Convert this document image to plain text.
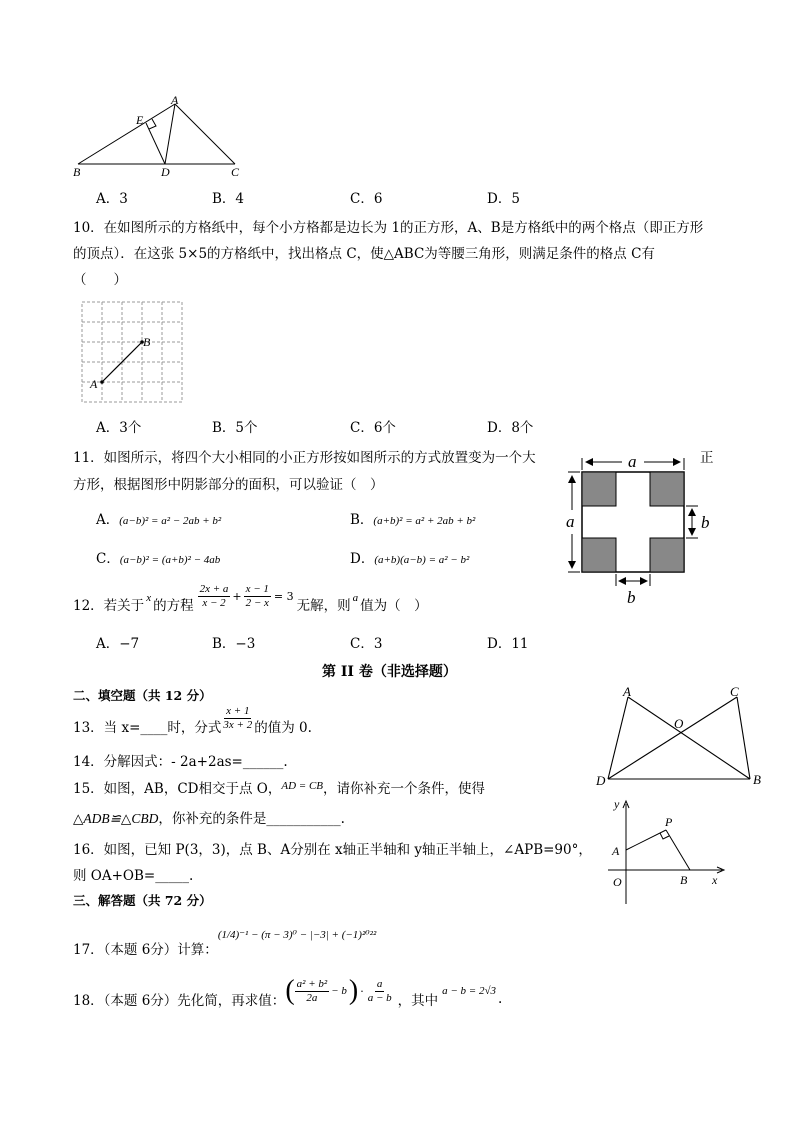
A
E
B	D	C
A．3	B．4	C．6	D．5
10．在如图所示的方格纸中，每个小方格都是边长为 1的正方形，A、B是方格纸中的两个格点（即正方形
的顶点）．在这张 5×5的方格纸中，找出格点 C，使△ABC为等腰三角形，则满足条件的格点 C有
（　　）
A
B
A．3个	B．5个	C．6个	D．8个
11．如图所示，将四个大小相同的小正方形按如图所示的方式放置变为一个大	正
方形，根据图形中阴影部分的面积，可以验证（　）
A．(a−b)² = a² − 2ab + b²	B．(a+b)² = a² + 2ab + b²
C．(a−b)² = (a+b)² − 4ab	D．(a+b)(a−b) = a² − b²
a
a	b
b
12．若关于 x 的方程 $\frac{2x + a}{x - 2} + \frac{x - 1}{2 - x} = 3$
无解，则 a 值为（　）
A．−7	B．−3	C．3	D．11
第 II 卷（非选择题）
二、填空题（共 12 分）
13．当 x=____时，分式 $\frac{x + 1}{3x + 2}$ 的值为 0.
14．分解因式：- 2a+2as=______.
15．如图，AB，CD相交于点 O，$^{AD = CB}$，请你补充一个条件，使得
△ADB≌△CBD，你补充的条件是___________.
A	C
O
D	B
16．如图，已知 P(3，3)，点 B、A分别在 x轴正半轴和 y轴正半轴上，∠APB=90°，
则 OA+OB=_____.
y
P
A
O	B x
三、解答题（共 72 分）
17．（本题 6分）计算：
(1/4)⁻¹ − (π − 3)⁰ − |−3| + (−1)²⁰²²
18．（本题 6分）先化简，再求值： ( $\frac{\text{a² + b²}}{2a} - b$ ) · $\frac{a}{a - b}$ ，其中
a − b = 2√3 .
